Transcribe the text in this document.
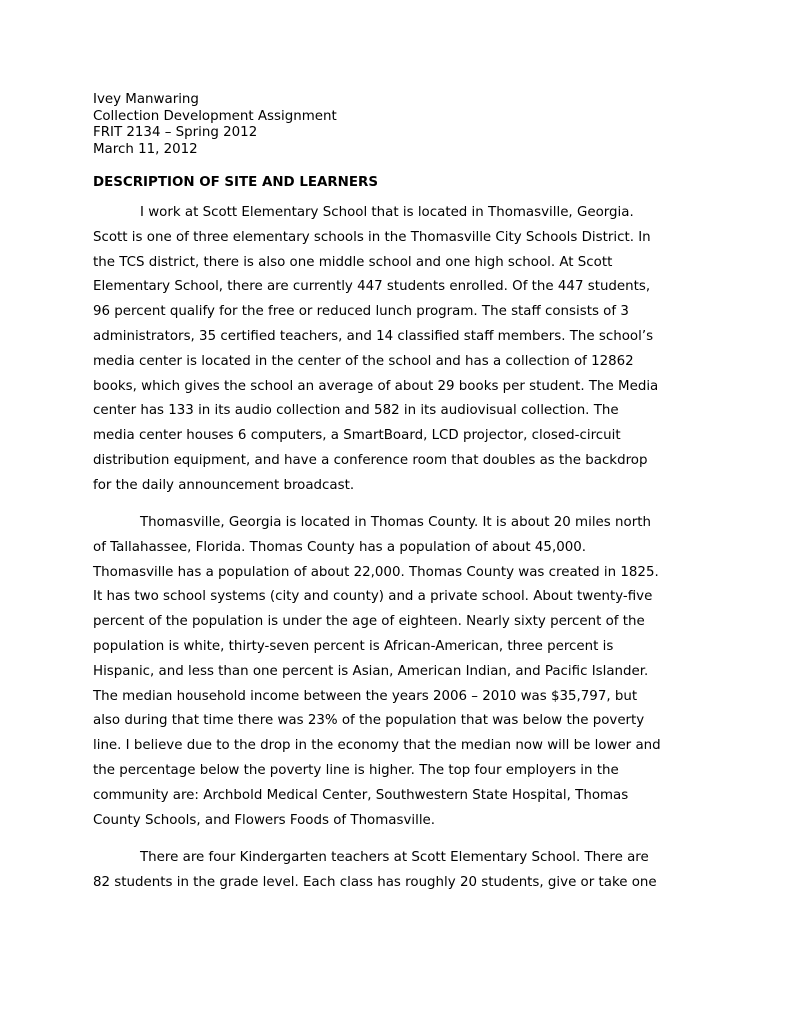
Ivey Manwaring
Collection Development Assignment
FRIT 2134 – Spring 2012
March 11, 2012
DESCRIPTION OF SITE AND LEARNERS

I work at Scott Elementary School that is located in Thomasville, Georgia.
Scott is one of three elementary schools in the Thomasville City Schools District. In
the TCS district, there is also one middle school and one high school. At Scott
Elementary School, there are currently 447 students enrolled. Of the 447 students,
96 percent qualify for the free or reduced lunch program. The staff consists of 3
administrators, 35 certified teachers, and 14 classified staff members. The school’s
media center is located in the center of the school and has a collection of 12862
books, which gives the school an average of about 29 books per student. The Media
center has 133 in its audio collection and 582 in its audiovisual collection. The
media center houses 6 computers, a SmartBoard, LCD projector, closed-circuit
distribution equipment, and have a conference room that doubles as the backdrop
for the daily announcement broadcast.

Thomasville, Georgia is located in Thomas County. It is about 20 miles north
of Tallahassee, Florida. Thomas County has a population of about 45,000.
Thomasville has a population of about 22,000. Thomas County was created in 1825.
It has two school systems (city and county) and a private school. About twenty-five
percent of the population is under the age of eighteen. Nearly sixty percent of the
population is white, thirty-seven percent is African-American, three percent is
Hispanic, and less than one percent is Asian, American Indian, and Pacific Islander.
The median household income between the years 2006 – 2010 was $35,797, but
also during that time there was 23% of the population that was below the poverty
line. I believe due to the drop in the economy that the median now will be lower and
the percentage below the poverty line is higher. The top four employers in the
community are: Archbold Medical Center, Southwestern State Hospital, Thomas
County Schools, and Flowers Foods of Thomasville.

There are four Kindergarten teachers at Scott Elementary School. There are
82 students in the grade level. Each class has roughly 20 students, give or take one
